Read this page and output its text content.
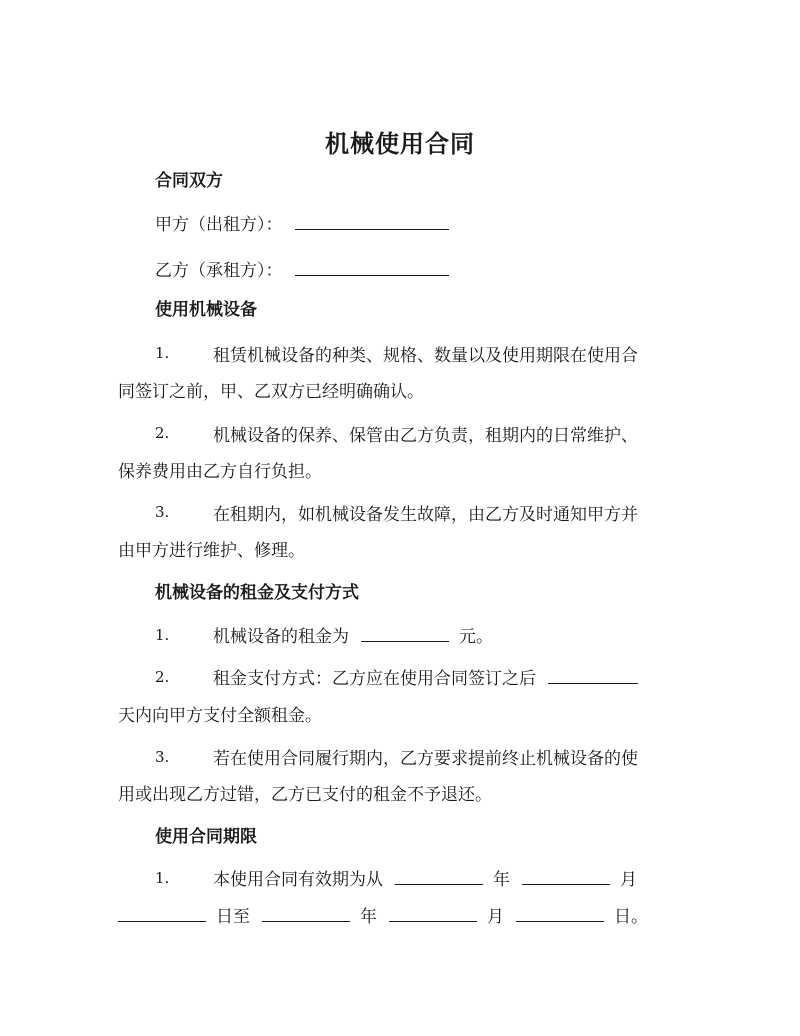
机械使用合同
合同双方
甲方（出租方）：
乙方（承租方）：
使用机械设备
1.	租赁机械设备的种类、规格、数量以及使用期限在使用合
同签订之前，甲、乙双方已经明确确认。
2.	机械设备的保养、保管由乙方负责，租期内的日常维护、
保养费用由乙方自行负担。
3.	在租期内，如机械设备发生故障，由乙方及时通知甲方并
由甲方进行维护、修理。
机械设备的租金及支付方式
1.	机械设备的租金为	元。
2.	租金支付方式：乙方应在使用合同签订之后
天内向甲方支付全额租金。
3.	若在使用合同履行期内，乙方要求提前终止机械设备的使
用或出现乙方过错，乙方已支付的租金不予退还。
使用合同期限
1.	本使用合同有效期为从	年	月
日至	年	月	日。
